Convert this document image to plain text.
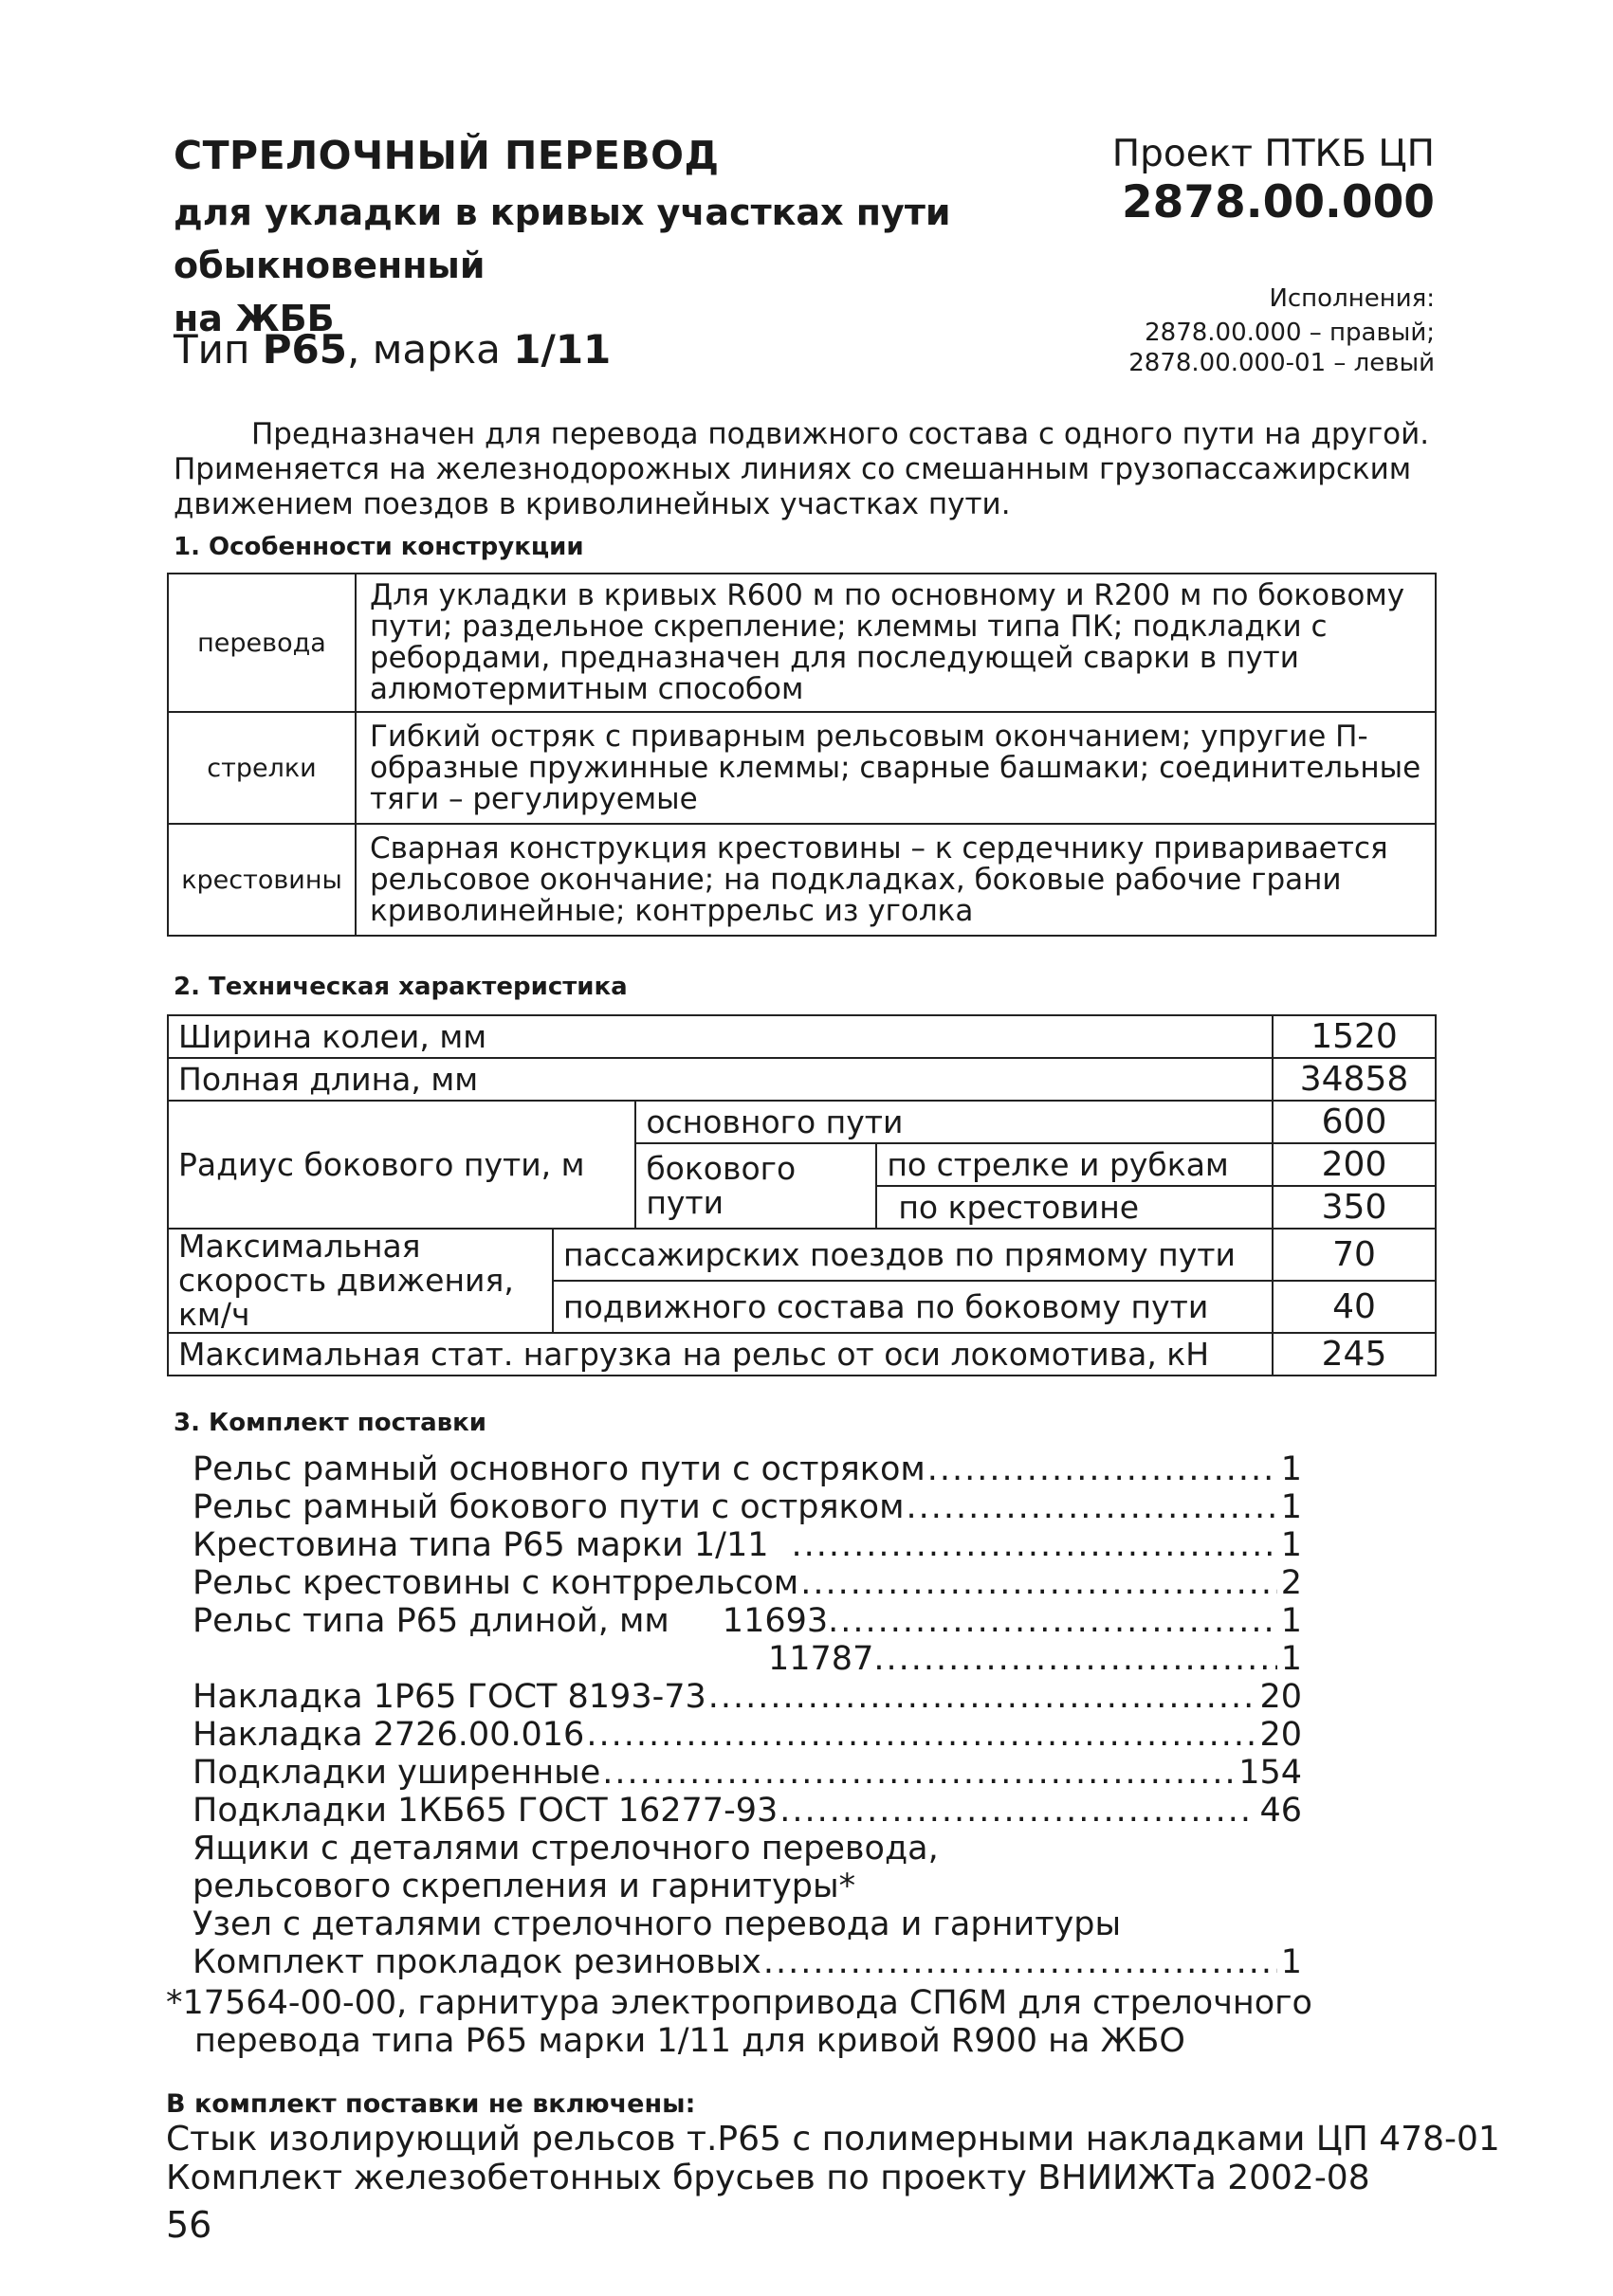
СТРЕЛОЧНЫЙ ПЕРЕВОД
для укладки в кривых участках пути
обыкновенный
на ЖББ
Тип Р65, марка 1/11
Проект ПТКБ ЦП
2878.00.000
Исполнения:
2878.00.000 – правый;
2878.00.000-01 – левый
Предназначен для перевода подвижного состава с одного пути на другой. Применяется на железнодорожных линиях со смешанным грузопассажирским движением поездов в криволинейных участках пути.
1. Особенности конструкции
перевода	Для укладки в кривых R600 м по основному и R200 м по боковому пути; раздельное скрепление; клеммы типа ПК; подкладки с ребордами, предназначен для последующей сварки в пути алюмотермитным способом
стрелки	Гибкий остряк с приварным рельсовым окончанием; упругие П-образные пружинные клеммы; сварные башмаки; соединительные тяги – регулируемые
крестовины	Сварная конструкция крестовины – к сердечнику приваривается рельсовое окончание; на подкладках, боковые рабочие грани криволинейные; контррельс из уголка
2. Техническая характеристика
Ширина колеи, мм				1520
Полная длина, мм				34858
Радиус бокового пути, м		основного пути		600
		бокового пути	по стрелке и рубкам	200
			по крестовине	350
Максимальная скорость движения, км/ч	пассажирских поездов по прямому пути			70
	подвижного состава по боковому пути			40
Максимальная стат. нагрузка на рельс от оси локомотива, кН				245
3. Комплект поставки
Рельс рамный основного пути с остряком .....	1
Рельс рамный бокового пути с остряком .....	1
Крестовина типа Р65 марки 1/11 .....	1
Рельс крестовины с контррельсом .....	2
Рельс типа Р65 длиной, мм	11693 .....	1
11787 .....	1
Накладка 1Р65 ГОСТ 8193-73 .....	20
Накладка 2726.00.016 .....	20
Подкладки уширенные .....	154
Подкладки 1КБ65 ГОСТ 16277-93 .....	46
Ящики с деталями стрелочного перевода,
рельсового скрепления и гарнитуры*
Узел с деталями стрелочного перевода и гарнитуры
Комплект прокладок резиновых .....	1
*17564-00-00, гарнитура электропривода СП6М для стрелочного
перевода типа Р65 марки 1/11 для кривой R900 на ЖБО
В комплект поставки не включены:
Стык изолирующий рельсов т.Р65 с полимерными накладками ЦП 478-01
Комплект железобетонных брусьев по проекту ВНИИЖТа 2002-08
56
